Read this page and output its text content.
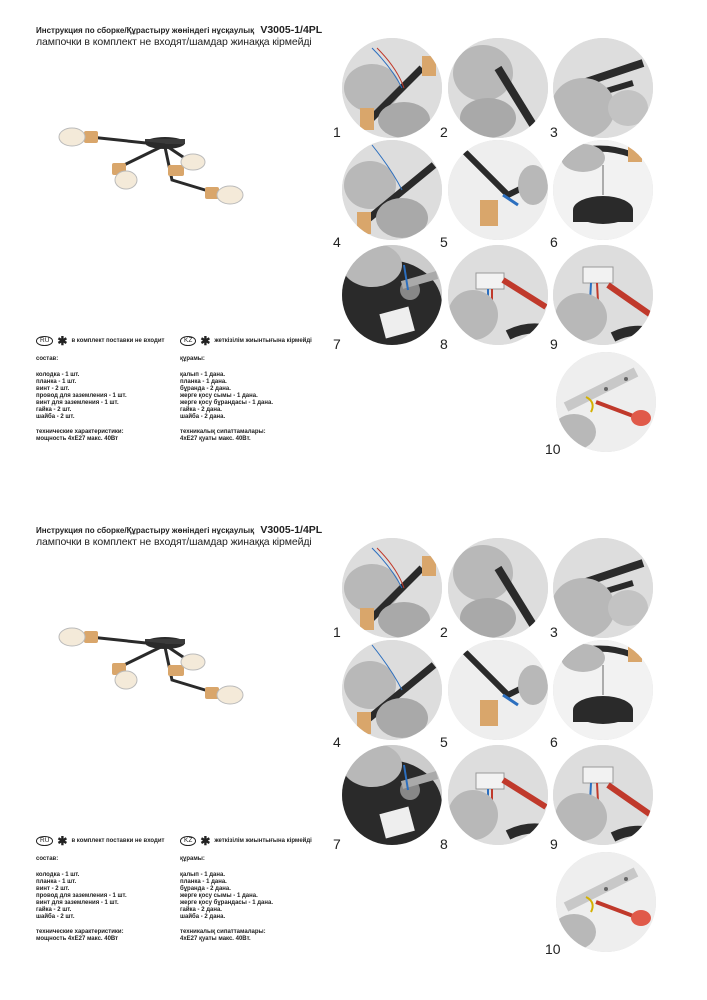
Инструкция по сборке/Құрастыру жөніндегі нұсқаулық V3005-1/4PL
лампочки в комплект не входят/шамдар жинаққа кірмейді
RU ✱ в комплект поставки не входит
состав:
колодка - 1 шт.
планка - 1 шт.
винт - 2 шт.
провод для заземления - 1 шт.
винт для заземления - 1 шт.
гайка - 2 шт.
шайба - 2 шт.
технические характеристики:
мощность 4хЕ27 макс. 40Вт
KZ ✱ жеткізілім жиынтығына кірмейді
құрамы:
қалып - 1 дана.
планка - 1 дана.
бұрандa - 2 дана.
жерге қосу сымы - 1 дана.
жерге қосу бұрандасы - 1 дана.
гайка - 2 дана.
шайба - 2 дана.
техникалық сипаттамалары:
4хЕ27 қуаты макс. 40Вт.
1	2	3
4	5	6
7	8	9
10
Инструкция по сборке/Құрастыру жөніндегі нұсқаулық V3005-1/4PL
лампочки в комплект не входят/шамдар жинаққа кірмейді
RU ✱ в комплект поставки не входит
состав:
колодка - 1 шт.
планка - 1 шт.
винт - 2 шт.
провод для заземления - 1 шт.
винт для заземления - 1 шт.
гайка - 2 шт.
шайба - 2 шт.
технические характеристики:
мощность 4хЕ27 макс. 40Вт
KZ ✱ жеткізілім жиынтығына кірмейді
құрамы:
қалып - 1 дана.
планка - 1 дана.
бұрандa - 2 дана.
жерге қосу сымы - 1 дана.
жерге қосу бұрандасы - 1 дана.
гайка - 2 дана.
шайба - 2 дана.
техникалық сипаттамалары:
4хЕ27 қуаты макс. 40Вт.
1	2	3
4	5	6
7	8	9
10
